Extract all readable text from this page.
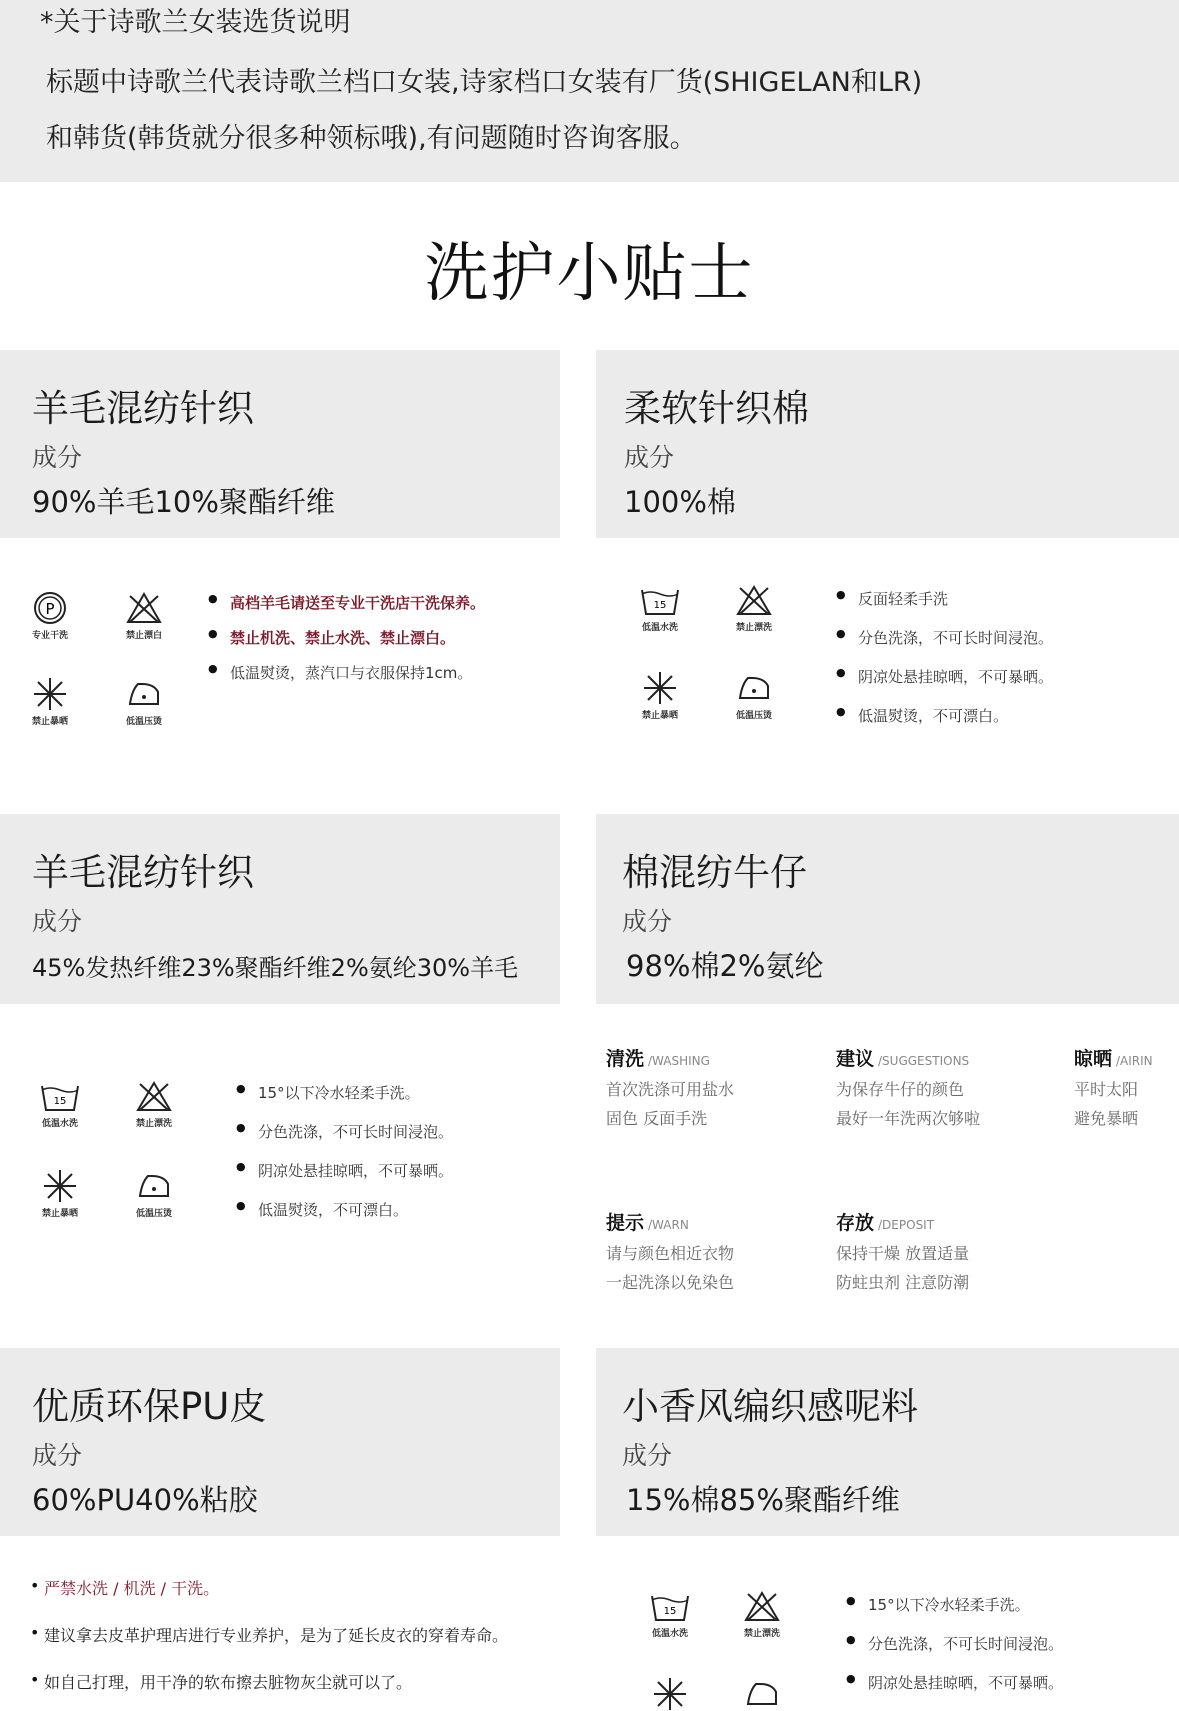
*关于诗歌兰女装选货说明
标题中诗歌兰代表诗歌兰档口女装,诗家档口女装有厂货(SHIGELAN和LR)
和韩货(韩货就分很多种领标哦),有问题随时咨询客服。
洗护小贴士
羊毛混纺针织
成分
90%羊毛10%聚酯纤维
柔软针织棉
成分
100%棉
P
专业干洗	禁止漂白
禁止暴晒	低温压烫
● 高档羊毛请送至专业干洗店干洗保养。
● 禁止机洗、禁止水洗、禁止漂白。
● 低温熨烫，蒸汽口与衣服保持1cm。
15
低温水洗	禁止漂洗
禁止暴晒	低温压烫
● 反面轻柔手洗
● 分色洗涤，不可长时间浸泡。
● 阴凉处悬挂晾晒，不可暴晒。
● 低温熨烫，不可漂白。
羊毛混纺针织
成分
45%发热纤维23%聚酯纤维2%氨纶30%羊毛
棉混纺牛仔
成分
98%棉2%氨纶
15
低温水洗	禁止漂洗
禁止暴晒	低温压烫
● 15°以下冷水轻柔手洗。
● 分色洗涤，不可长时间浸泡。
● 阴凉处悬挂晾晒，不可暴晒。
● 低温熨烫，不可漂白。
清洗 /WASHING
首次洗涤可用盐水
固色 反面手洗
建议 /SUGGESTIONS
为保存牛仔的颜色
最好一年洗两次够啦
晾晒 /AIRIN
平时太阳
避免暴晒
提示 /WARN
请与颜色相近衣物
一起洗涤以免染色
存放 /DEPOSIT
保持干燥 放置适量
防蛀虫剂 注意防潮
优质环保PU皮
成分
60%PU40%粘胶
小香风编织感呢料
成分
15%棉85%聚酯纤维
• 严禁水洗 / 机洗 / 干洗。
• 建议拿去皮革护理店进行专业养护，是为了延长皮衣的穿着寿命。
• 如自己打理，用干净的软布擦去脏物灰尘就可以了。
15
低温水洗	禁止漂洗
● 15°以下冷水轻柔手洗。
● 分色洗涤，不可长时间浸泡。
● 阴凉处悬挂晾晒，不可暴晒。
